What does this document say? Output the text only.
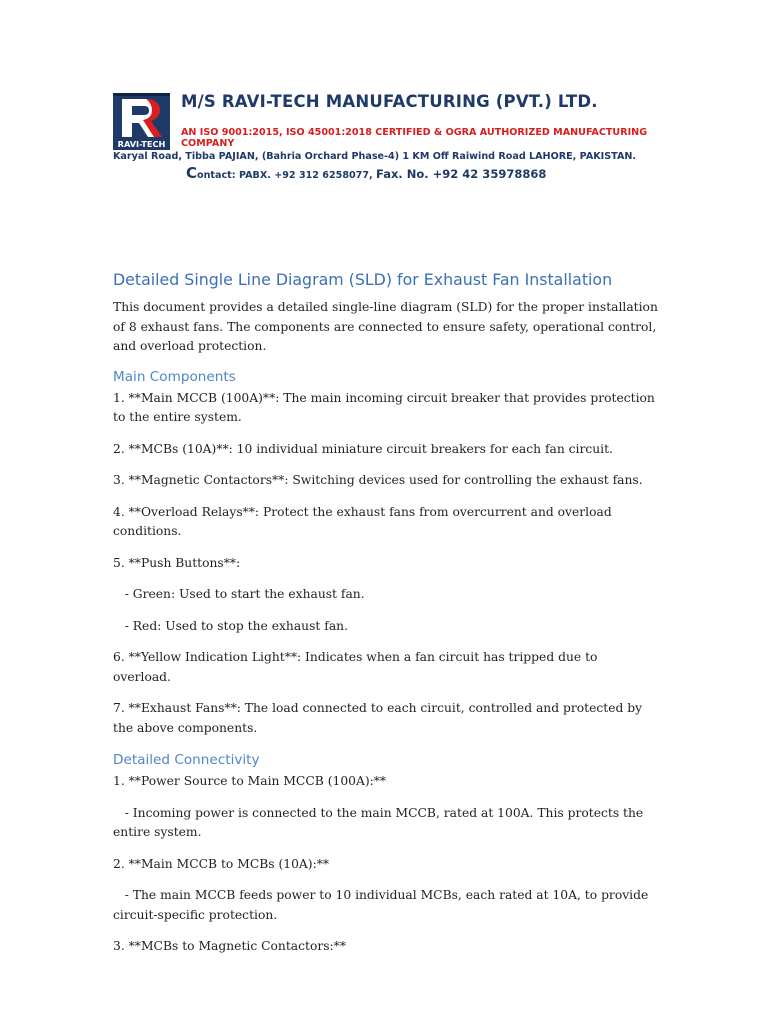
RAVI-TECH
M/S RAVI-TECH MANUFACTURING (PVT.) LTD.
AN ISO 9001:2015, ISO 45001:2018 CERTIFIED & OGRA AUTHORIZED MANUFACTURING COMPANY
Karyal Road, Tibba PAJIAN, (Bahria Orchard Phase-4) 1 KM Off Raiwind Road LAHORE, PAKISTAN.
Contact: PABX. +92 312 6258077, Fax. No. +92 42 35978868
Detailed Single Line Diagram (SLD) for Exhaust Fan Installation

This document provides a detailed single-line diagram (SLD) for the proper installation of 8 exhaust fans. The components are connected to ensure safety, operational control, and overload protection.

Main Components

1. **Main MCCB (100A)**: The main incoming circuit breaker that provides protection to the entire system.

2. **MCBs (10A)**: 10 individual miniature circuit breakers for each fan circuit.

3. **Magnetic Contactors**: Switching devices used for controlling the exhaust fans.

4. **Overload Relays**: Protect the exhaust fans from overcurrent and overload conditions.

5. **Push Buttons**:

- Green: Used to start the exhaust fan.

- Red: Used to stop the exhaust fan.

6. **Yellow Indication Light**: Indicates when a fan circuit has tripped due to overload.

7. **Exhaust Fans**: The load connected to each circuit, controlled and protected by the above components.

Detailed Connectivity

1. **Power Source to Main MCCB (100A):**

- Incoming power is connected to the main MCCB, rated at 100A. This protects the entire system.

2. **Main MCCB to MCBs (10A):**

- The main MCCB feeds power to 10 individual MCBs, each rated at 10A, to provide circuit-specific protection.

3. **MCBs to Magnetic Contactors:**
